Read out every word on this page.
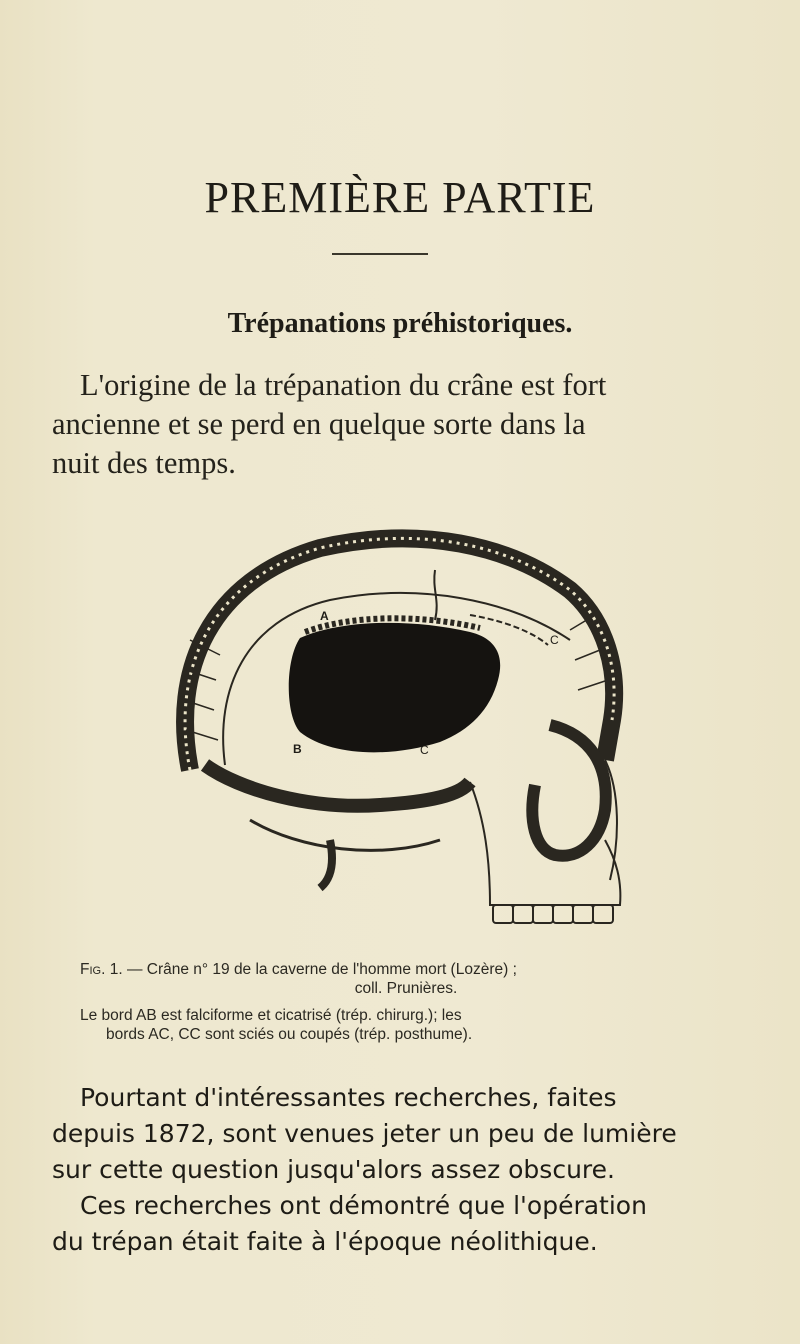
PREMIÈRE PARTIE
Trépanations préhistoriques.

L'origine de la trépanation du crâne est fort

ancienne et se perd en quelque sorte dans la

nuit des temps.

A
B
C
C
Fig. 1. — Crâne n° 19 de la caverne de l'homme mort (Lozère) ;
coll. Prunières.
Le bord AB est falciforme et cicatrisé (trép. chirurg.); les
bords AC, CC sont sciés ou coupés (trép. posthume).

Pourtant d'intéressantes recherches, faites

depuis 1872, sont venues jeter un peu de lumière

sur cette question jusqu'alors assez obscure.

Ces recherches ont démontré que l'opération

du trépan était faite à l'époque néolithique.
